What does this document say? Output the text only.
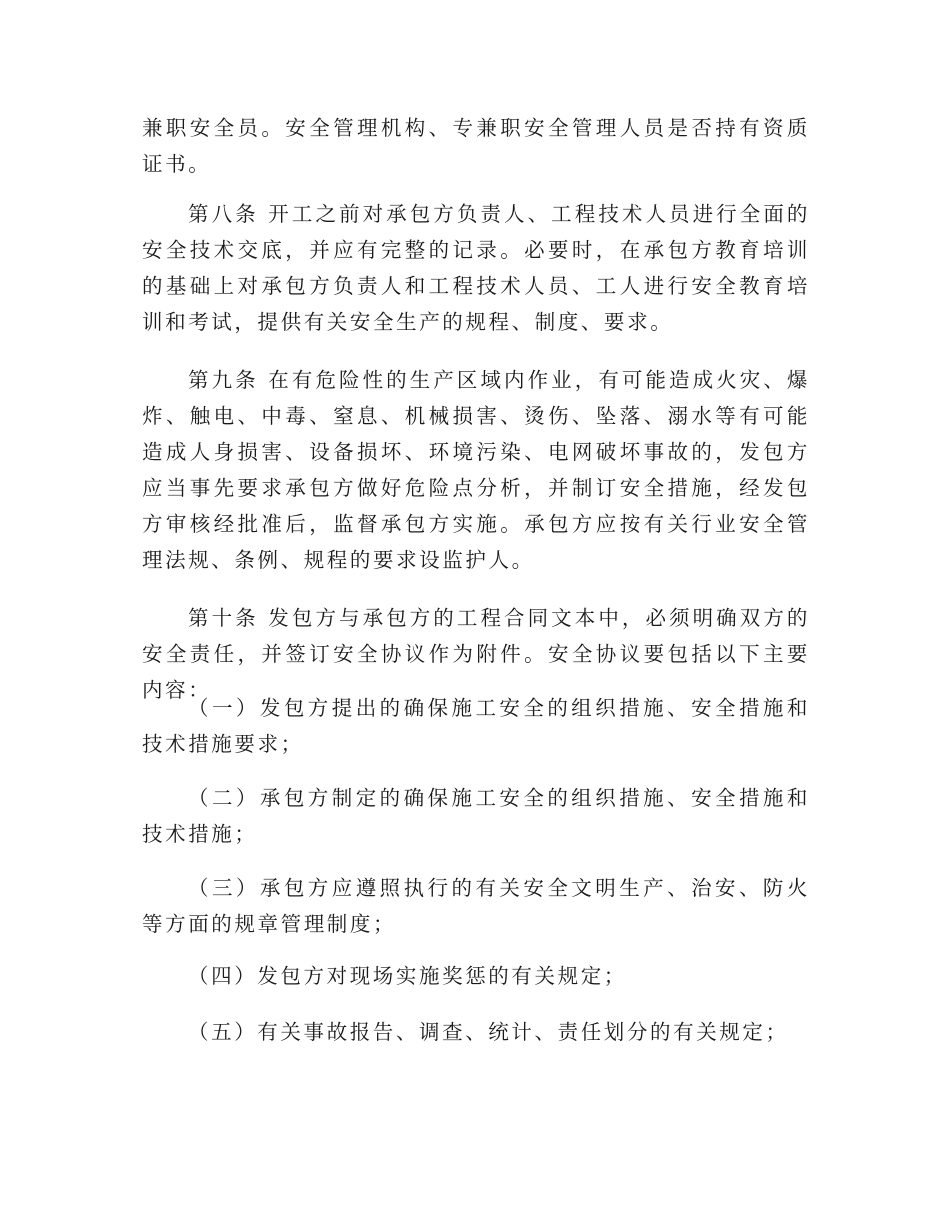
兼职安全员。安全管理机构、专兼职安全管理人员是否持有资质证书。

第八条 开工之前对承包方负责人、工程技术人员进行全面的安全技术交底，并应有完整的记录。必要时，在承包方教育培训的基础上对承包方负责人和工程技术人员、工人进行安全教育培训和考试，提供有关安全生产的规程、制度、要求。

第九条 在有危险性的生产区域内作业，有可能造成火灾、爆炸、触电、中毒、窒息、机械损害、烫伤、坠落、溺水等有可能造成人身损害、设备损坏、环境污染、电网破坏事故的，发包方应当事先要求承包方做好危险点分析，并制订安全措施，经发包方审核经批准后，监督承包方实施。承包方应按有关行业安全管理法规、条例、规程的要求设监护人。

第十条 发包方与承包方的工程合同文本中，必须明确双方的安全责任，并签订安全协议作为附件。安全协议要包括以下主要内容：

（一）发包方提出的确保施工安全的组织措施、安全措施和技术措施要求；

（二）承包方制定的确保施工安全的组织措施、安全措施和技术措施；

（三）承包方应遵照执行的有关安全文明生产、治安、防火等方面的规章管理制度；

（四）发包方对现场实施奖惩的有关规定；

（五）有关事故报告、调查、统计、责任划分的有关规定；
